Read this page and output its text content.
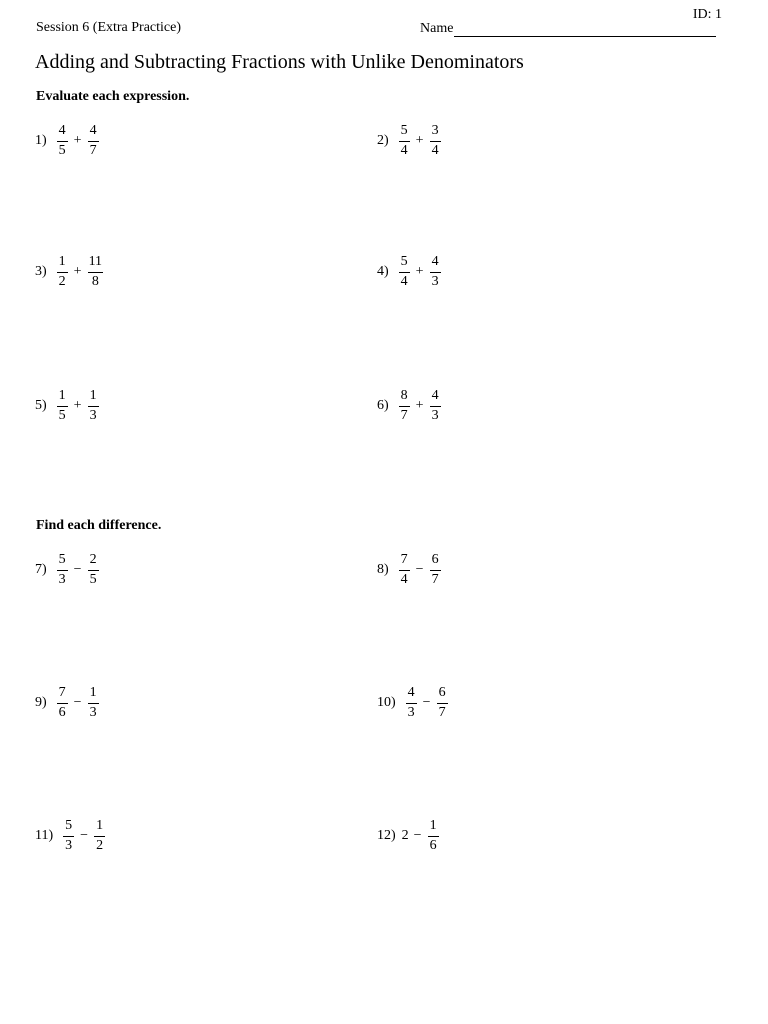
ID: 1
Session 6 (Extra Practice)	Name
Adding and Subtracting Fractions with Unlike Denominators
Evaluate each expression.
$1) \frac{4}{5} + \frac{4}{7}$	$2) \frac{5}{4} + \frac{3}{4}$
$3) \frac{1}{2} + \frac{11}{8}$	$4) \frac{5}{4} + \frac{4}{3}$
$5) \frac{1}{5} + \frac{1}{3}$	$6) \frac{8}{7} + \frac{4}{3}$
Find each difference.
$7) \frac{5}{3} - \frac{2}{5}$	$8) \frac{7}{4} - \frac{6}{7}$
$9) \frac{7}{6} - \frac{1}{3}$	$10) \frac{4}{3} - \frac{6}{7}$
$11) \frac{5}{3} - \frac{1}{2}$	12) $2 - \frac{1}{6}$
